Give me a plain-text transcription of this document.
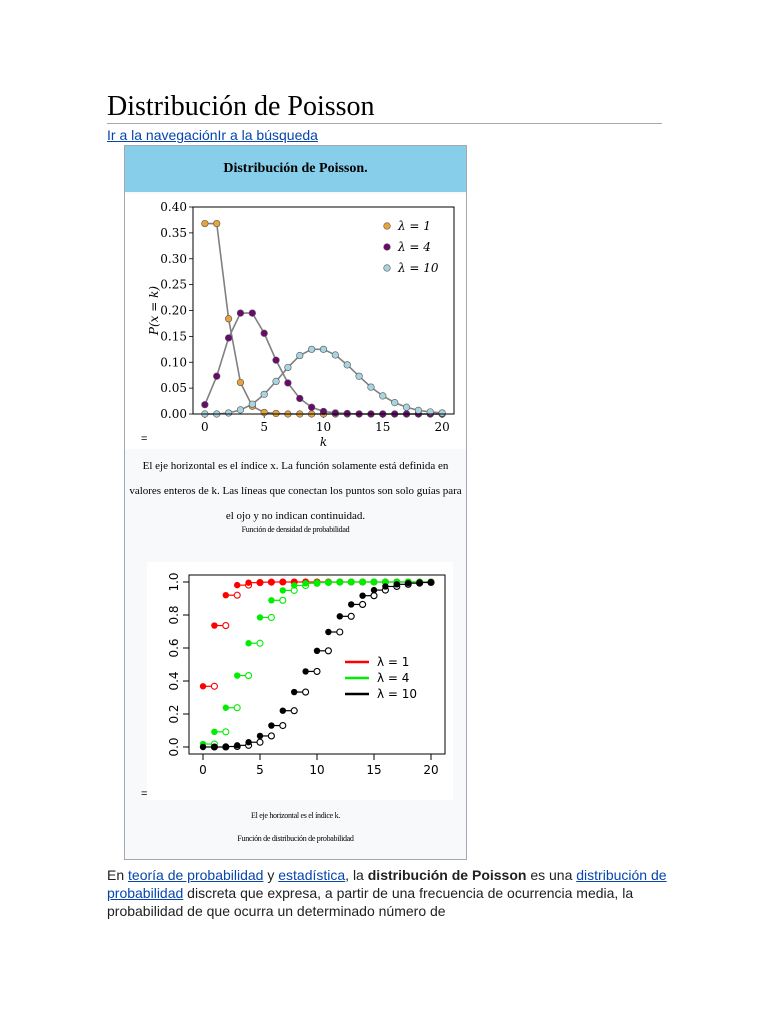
Distribución de Poisson
Ir a la navegaciónIr a la búsqueda
Distribución de Poisson.
0.00
0.05
0.10
0.15
0.20
0.25
0.30
0.35
0.40
0	5	10	15	20
λ = 1
λ = 4
λ = 10
k
P(x = k)
=
El eje horizontal es el índice x. La función solamente está definida en valores enteros de k. Las líneas que conectan los puntos son solo guías para el ojo y no indican continuidad.
Función de densidad de probabilidad
0.0
0.2
0.4
0.6
0.8
1.0
0	5	10	15	20
λ = 1
λ = 4
λ = 10
=
El eje horizontal es el índice k.
Función de distribución de probabilidad

En teoría de probabilidad y estadística, la distribución de Poisson es una distribución de probabilidad discreta que expresa, a partir de una frecuencia de ocurrencia media, la probabilidad de que ocurra un determinado número de
